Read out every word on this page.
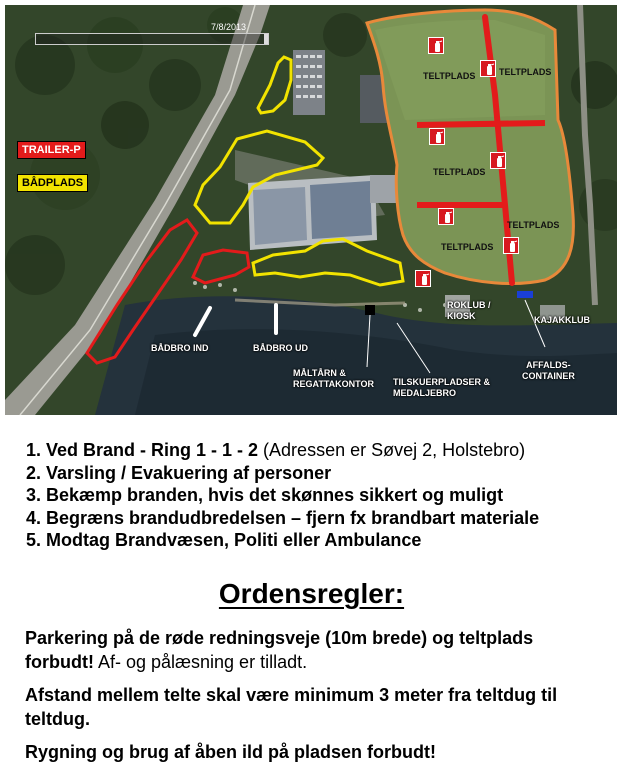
7/8/2013
TRAILER-P
BÅDPLADS
TELTPLADS	TELTPLADS
TELTPLADS
TELTPLADS
TELTPLADS
ROKLUB /
KIOSK	KAJAKKLUB
BÅDBRO IND	BÅDBRO UD
MÅLTÅRN &
REGATTAKONTOR TILSKUERPLADSER &
MEDALJEBRO
AFFALDS-
CONTAINER
1. Ved Brand - Ring 1 - 1 - 2 (Adressen er Søvej 2, Holstebro)
2. Varsling / Evakuering af personer
3. Bekæmp branden, hvis det skønnes sikkert og muligt
4. Begræns brandudbredelsen – fjern fx brandbart materiale
5. Modtag Brandvæsen, Politi eller Ambulance
Ordensregler:
Parkering på de røde redningsveje (10m brede) og teltplads forbudt! Af- og pålæsning er tilladt.
Afstand mellem telte skal være minimum 3 meter fra teltdug til teltdug.
Rygning og brug af åben ild på pladsen forbudt!
